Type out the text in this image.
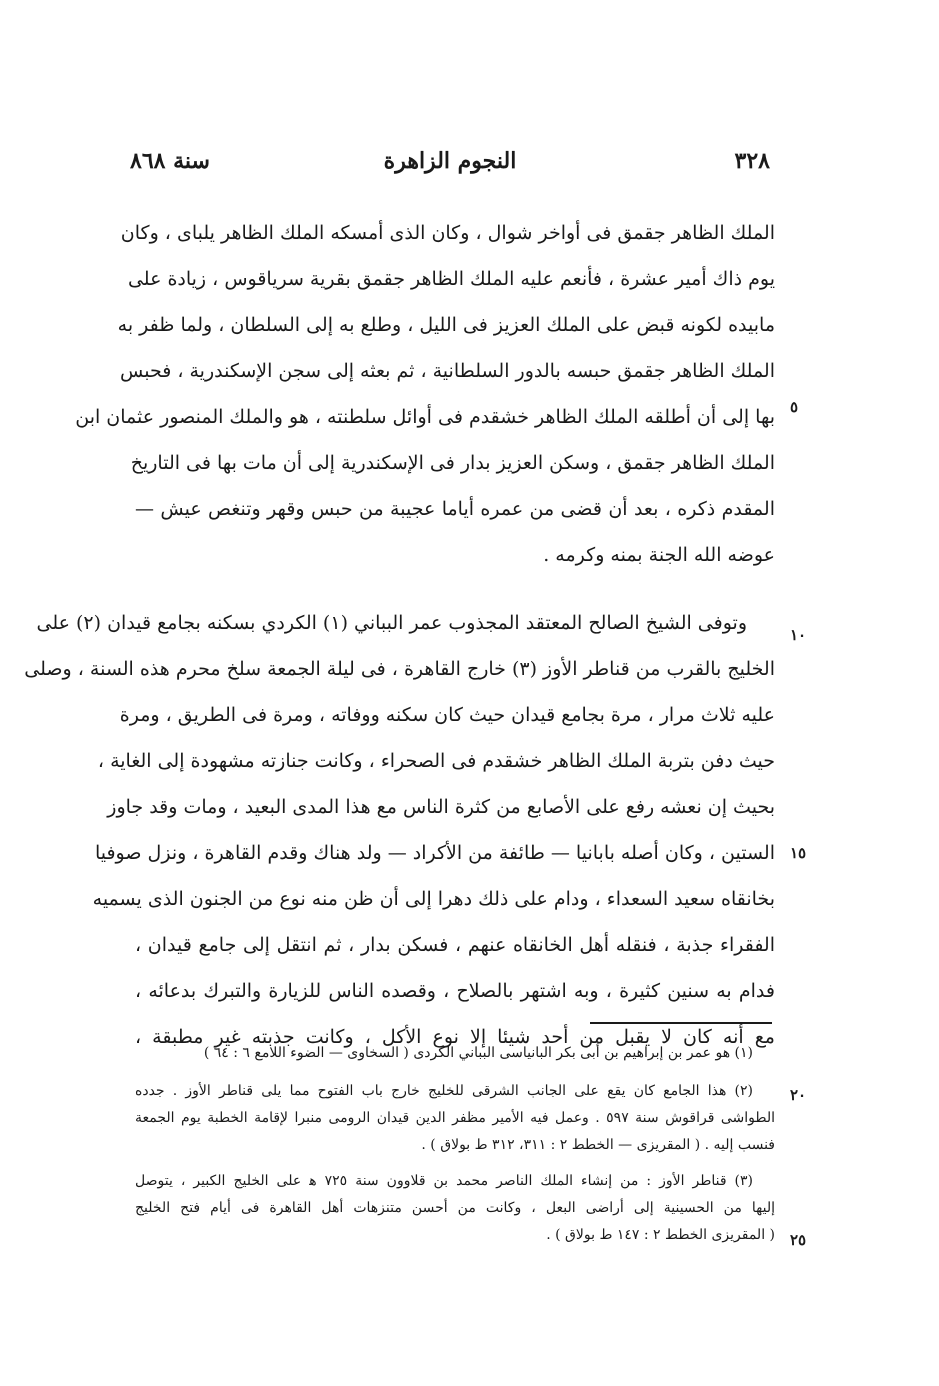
٣٢٨
النجوم الزاهرة
سنة ٨٦٨
الملك الظاهر جقمق فى أواخر شوال ، وكان الذى أمسكه الملك الظاهر يلباى ، وكان
يوم ذاك أمير عشرة ، فأنعم عليه الملك الظاهر جقمق بقرية سرياقوس ، زيادة على
مابيده لكونه قبض على الملك العزيز فى الليل ، وطلع به إلى السلطان ، ولما ظفر به
الملك الظاهر جقمق حبسه بالدور السلطانية ، ثم بعثه إلى سجن الإسكندرية ، فحبس
بها إلى أن أطلقه الملك الظاهر خشقدم فى أوائل سلطنته ، هو والملك المنصور عثمان ابن
الملك الظاهر جقمق ، وسكن العزيز بدار فى الإسكندرية إلى أن مات بها فى التاريخ
المقدم ذكره ، بعد أن قضى من عمره أياما عجيبة من حبس وقهر وتنغص عيش —
عوضه الله الجنة بمنه وكرمه .
وتوفى الشيخ الصالح المعتقد المجذوب عمر البباني (١) الكردي بسكنه بجامع قيدان (٢) على
الخليج بالقرب من قناطر الأوز (٣) خارج القاهرة ، فى ليلة الجمعة سلخ محرم هذه السنة ، وصلى
عليه ثلاث مرار ، مرة بجامع قيدان حيث كان سكنه ووفاته ، ومرة فى الطريق ، ومرة
حيث دفن بتربة الملك الظاهر خشقدم فى الصحراء ، وكانت جنازته مشهودة إلى الغاية ،
بحيث إن نعشه رفع على الأصابع من كثرة الناس مع هذا المدى البعيد ، ومات وقد جاوز
الستين ، وكان أصله بابانيا — طائفة من الأكراد — ولد هناك وقدم القاهرة ، ونزل صوفيا
بخانقاه سعيد السعداء ، ودام على ذلك دهرا إلى أن ظن منه نوع من الجنون الذى يسميه
الفقراء جذبة ، فنقله أهل الخانقاه عنهم ، فسكن بدار ، ثم انتقل إلى جامع قيدان ،
فدام به سنين كثيرة ، وبه اشتهر بالصلاح ، وقصده الناس للزيارة والتبرك بدعائه ،
مع أنه كان لا يقبل من أحد شيئا إلا نوع الأكل ، وكانت جذبته غير مطبقة ،
٥
١٠
١٥
٢٠
٢٥
(١) هو عمر بن إبراهيم بن أبى بكر البانياسى البباني الكردى ( السخاوى — الضوء اللامع ٦ : ٦٤ )
(٢) هذا الجامع كان يقع على الجانب الشرقى للخليج خارج باب الفتوح مما يلى قناطر الأوز . جدده
الطواشى قراقوش سنة ٥٩٧ . وعمل فيه الأمير مظفر الدين قيدان الرومى منبرا لإقامة الخطبة يوم الجمعة
فنسب إليه . ( المقريزى — الخطط ٢ : ٣١١، ٣١٢ ط بولاق ) .
(٣) قناطر الأوز : من إنشاء الملك الناصر محمد بن قلاوون سنة ٧٢٥ ﻫ على الخليج الكبير ، يتوصل
إليها من الحسينية إلى أراضى البعل ، وكانت من أحسن متنزهات أهل القاهرة فى أيام فتح الخليج
( المقريزى الخطط ٢ : ١٤٧ ط بولاق ) .
